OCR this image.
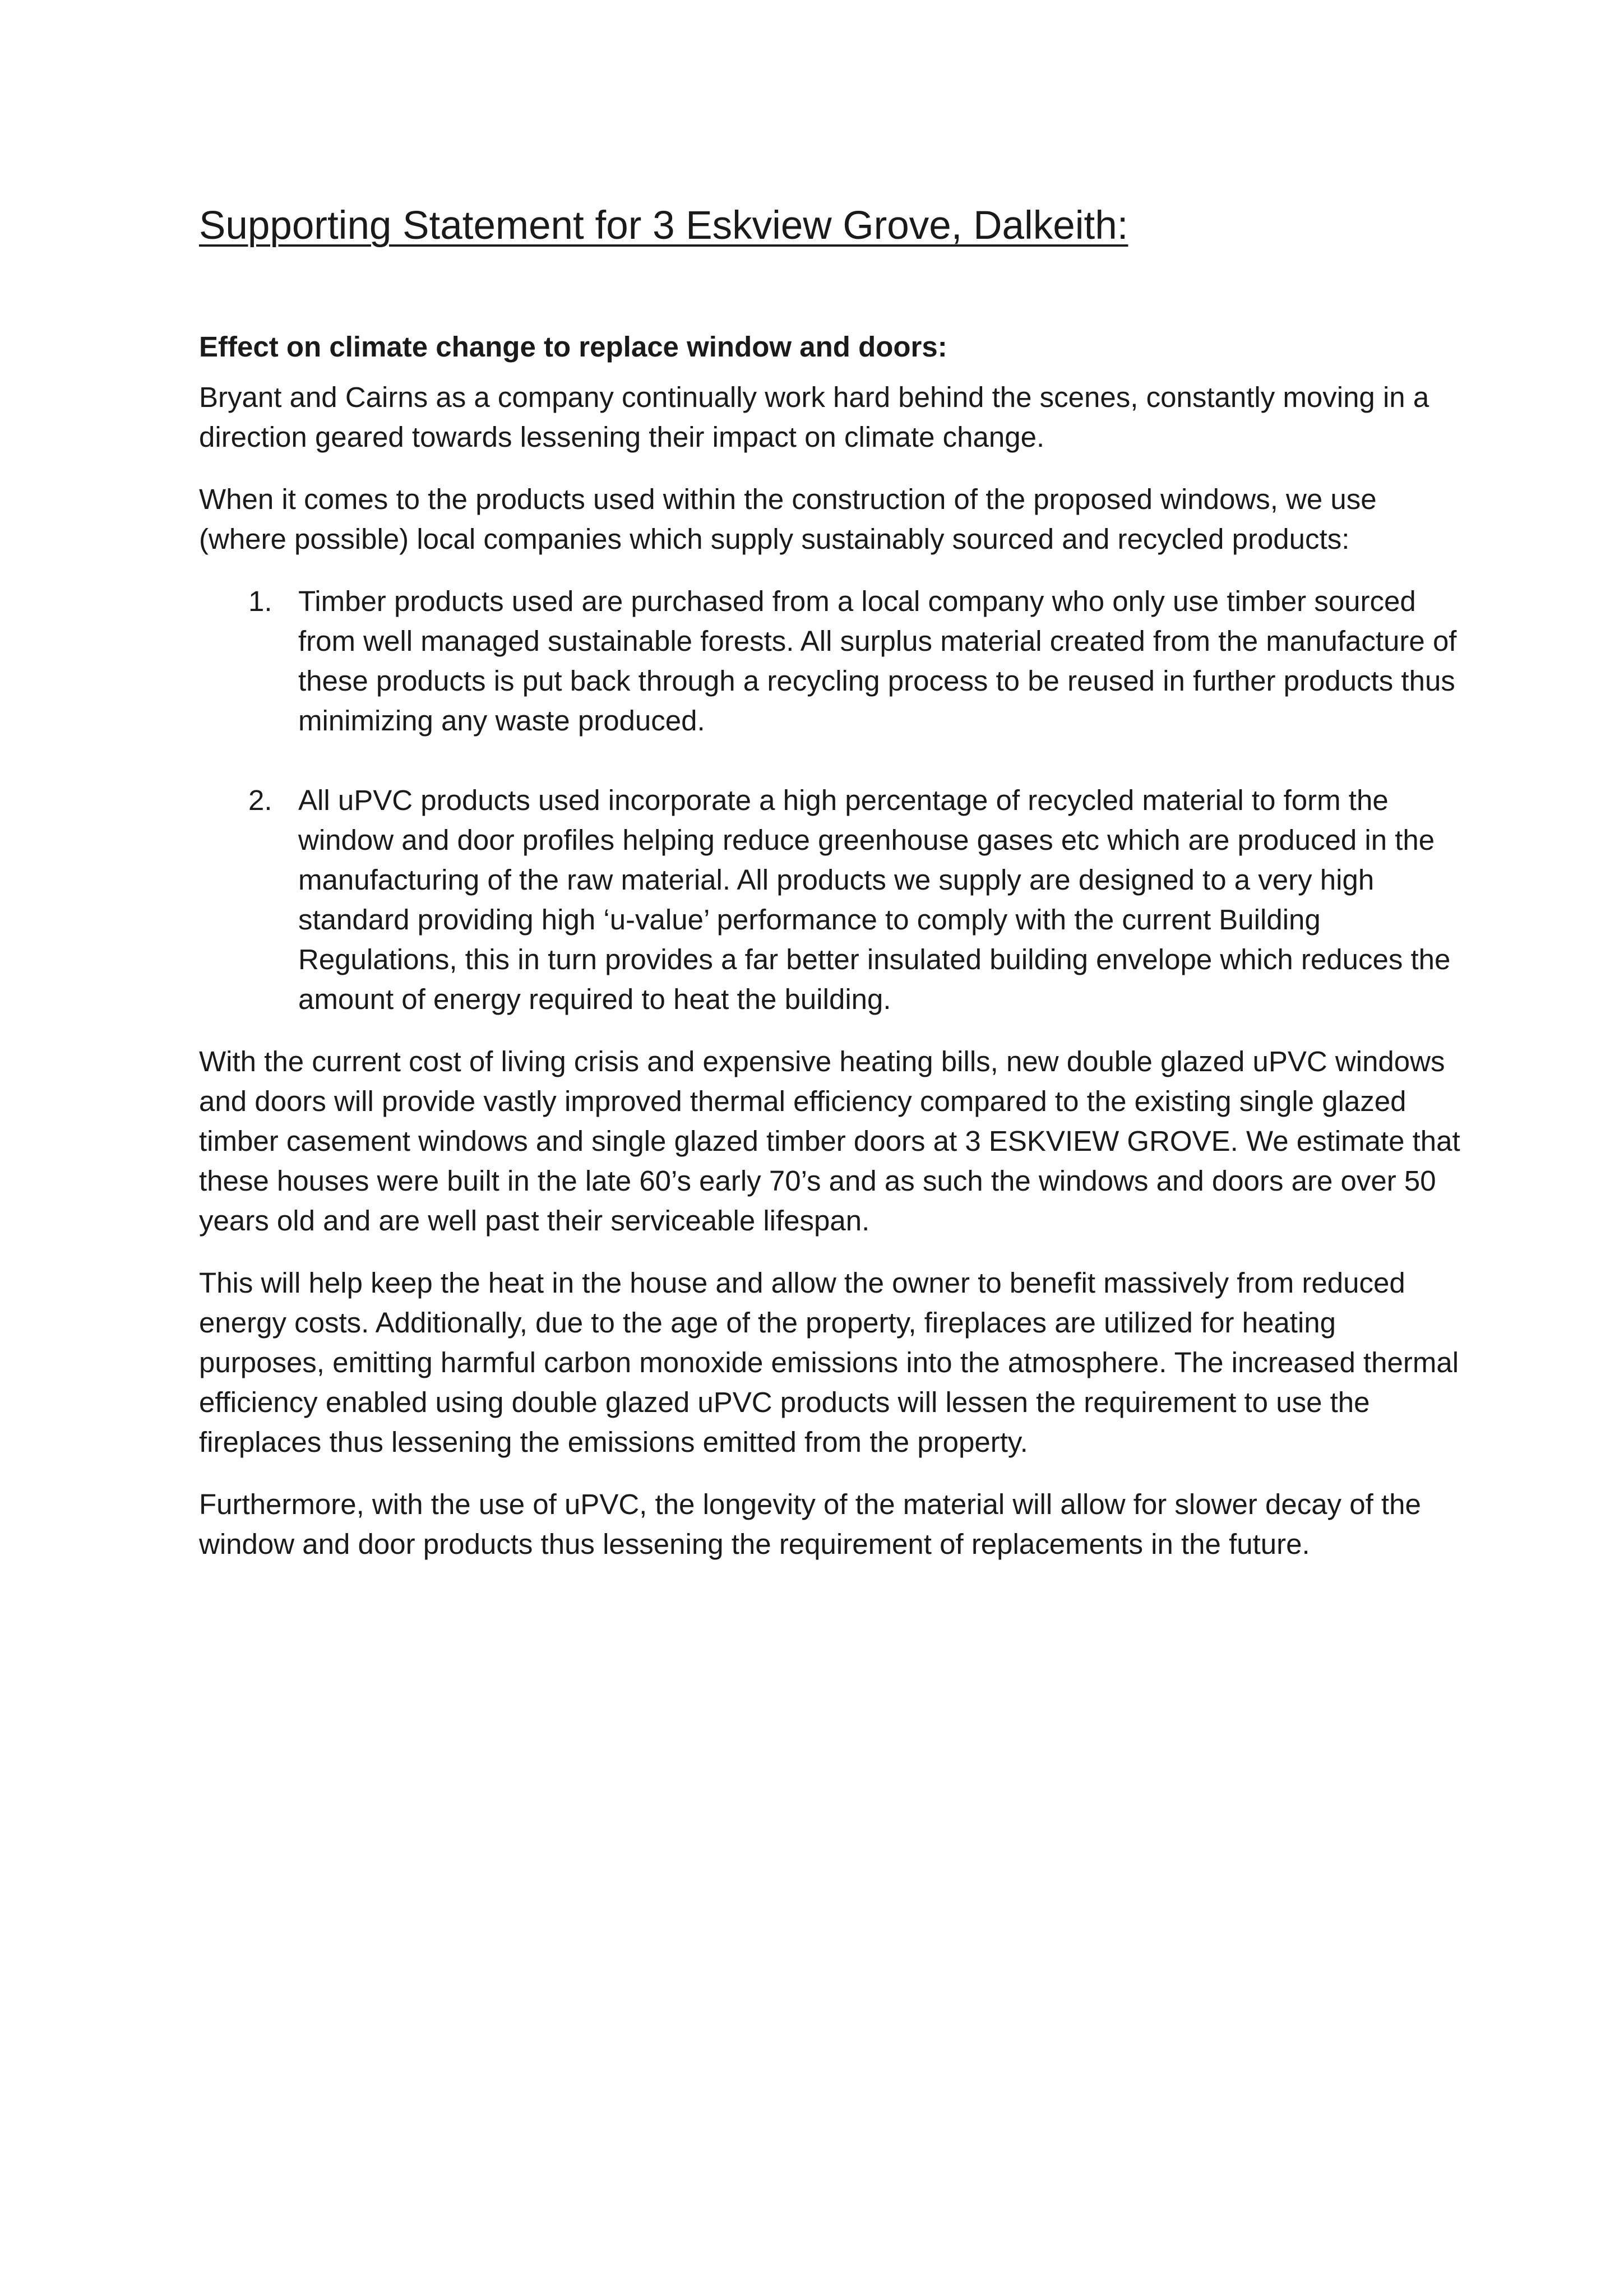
Supporting Statement for 3 Eskview Grove, Dalkeith:
Effect on climate change to replace window and doors:

Bryant and Cairns as a company continually work hard behind the scenes, constantly moving in a direction geared towards lessening their impact on climate change.

When it comes to the products used within the construction of the proposed windows, we use (where possible) local companies which supply sustainably sourced and recycled products:

1. Timber products used are purchased from a local company who only use timber sourced from well managed sustainable forests. All surplus material created from the manufacture of these products is put back through a recycling process to be reused in further products thus minimizing any waste produced.
2. All uPVC products used incorporate a high percentage of recycled material to form the window and door profiles helping reduce greenhouse gases etc which are produced in the manufacturing of the raw material. All products we supply are designed to a very high standard providing high ‘u-value’ performance to comply with the current Building Regulations, this in turn provides a far better insulated building envelope which reduces the amount of energy required to heat the building.

With the current cost of living crisis and expensive heating bills, new double glazed uPVC windows and doors will provide vastly improved thermal efficiency compared to the existing single glazed timber casement windows and single glazed timber doors at 3 ESKVIEW GROVE. We estimate that these houses were built in the late 60’s early 70’s and as such the windows and doors are over 50 years old and are well past their serviceable lifespan.

This will help keep the heat in the house and allow the owner to benefit massively from reduced energy costs. Additionally, due to the age of the property, fireplaces are utilized for heating purposes, emitting harmful carbon monoxide emissions into the atmosphere. The increased thermal efficiency enabled using double glazed uPVC products will lessen the requirement to use the fireplaces thus lessening the emissions emitted from the property.

Furthermore, with the use of uPVC, the longevity of the material will allow for slower decay of the window and door products thus lessening the requirement of replacements in the future.
